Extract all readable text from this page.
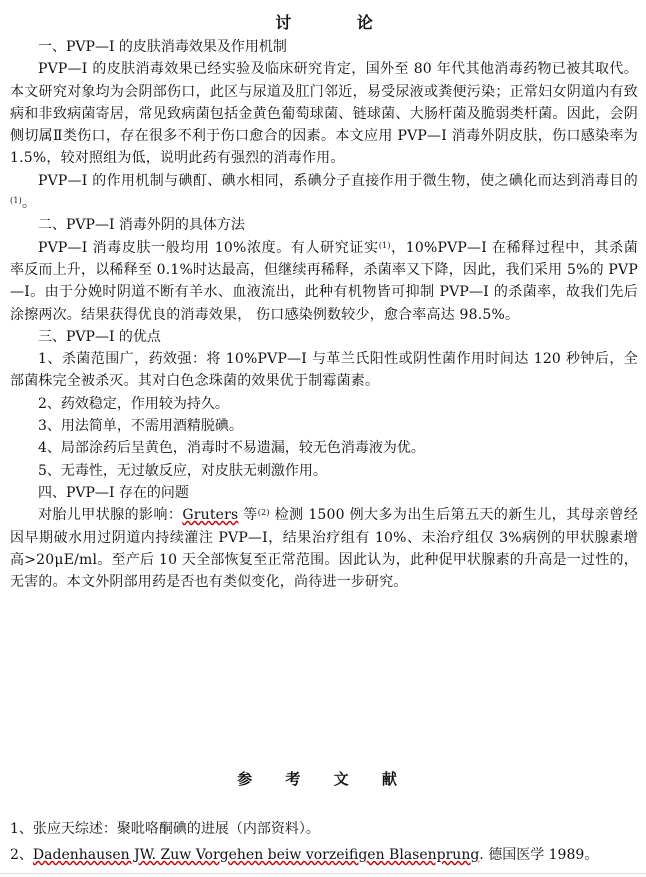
讨 论
一、PVP—I 的皮肤消毒效果及作用机制

PVP—I 的皮肤消毒效果已经实验及临床研究肯定，国外至 80 年代其他消毒药物已被其取代。本文研究对象均为会阴部伤口，此区与尿道及肛门邻近，易受尿液或粪便污染；正常妇女阴道内有致病和非致病菌寄居，常见致病菌包括金黄色葡萄球菌、链球菌、大肠杆菌及脆弱类杆菌。因此，会阴侧切属Ⅱ类伤口，存在很多不利于伤口愈合的因素。本文应用 PVP—I 消毒外阴皮肤，伤口感染率为 1.5%，较对照组为低，说明此药有强烈的消毒作用。

PVP—I 的作用机制与碘酊、碘水相同，系碘分子直接作用于微生物，使之碘化而达到消毒目的$^{(1)}$。

二、PVP—I 消毒外阴的具体方法

PVP—I 消毒皮肤一般均用 10%浓度。有人研究证实$^{(1)}$，10%PVP—I 在稀释过程中，其杀菌率反而上升，以稀释至 0.1%时达最高，但继续再稀释，杀菌率又下降，因此，我们采用 5%的 PVP—I。由于分娩时阴道不断有羊水、血液流出，此种有机物皆可抑制 PVP—I 的杀菌率，故我们先后涂擦两次。结果获得优良的消毒效果， 伤口感染例数较少，愈合率高达 98.5%。

三、PVP—I 的优点

1、杀菌范围广，药效强：将 10%PVP—I 与革兰氏阳性或阴性菌作用时间达 120 秒钟后，全部菌株完全被杀灭。其对白色念珠菌的效果优于制霉菌素。

2、药效稳定，作用较为持久。
3、用法简单，不需用酒精脱碘。
4、局部涂药后呈黄色，消毒时不易遗漏，较无色消毒液为优。
5、无毒性，无过敏反应，对皮肤无刺激作用。
四、PVP—I 存在的问题

对胎儿甲状腺的影响：Gruters 等$^{(2)}$ 检测 1500 例大多为出生后第五天的新生儿，其母亲曾经因早期破水用过阴道内持续灌注 PVP—I，结果治疗组有 10%、未治疗组仅 3%病例的甲状腺素增高>20μE/ml。至产后 10 天全部恢复至正常范围。因此认为，此种促甲状腺素的升高是一过性的，无害的。本文外阴部用药是否也有类似变化，尚待进一步研究。

参 考 文 献

1、张应天综述：聚吡咯酮碘的进展（内部资料）。

2、Dadenhausen JW. Zuw Vorgehen beiw vorzeifigen Blasenprung. 德国医学 1989。
